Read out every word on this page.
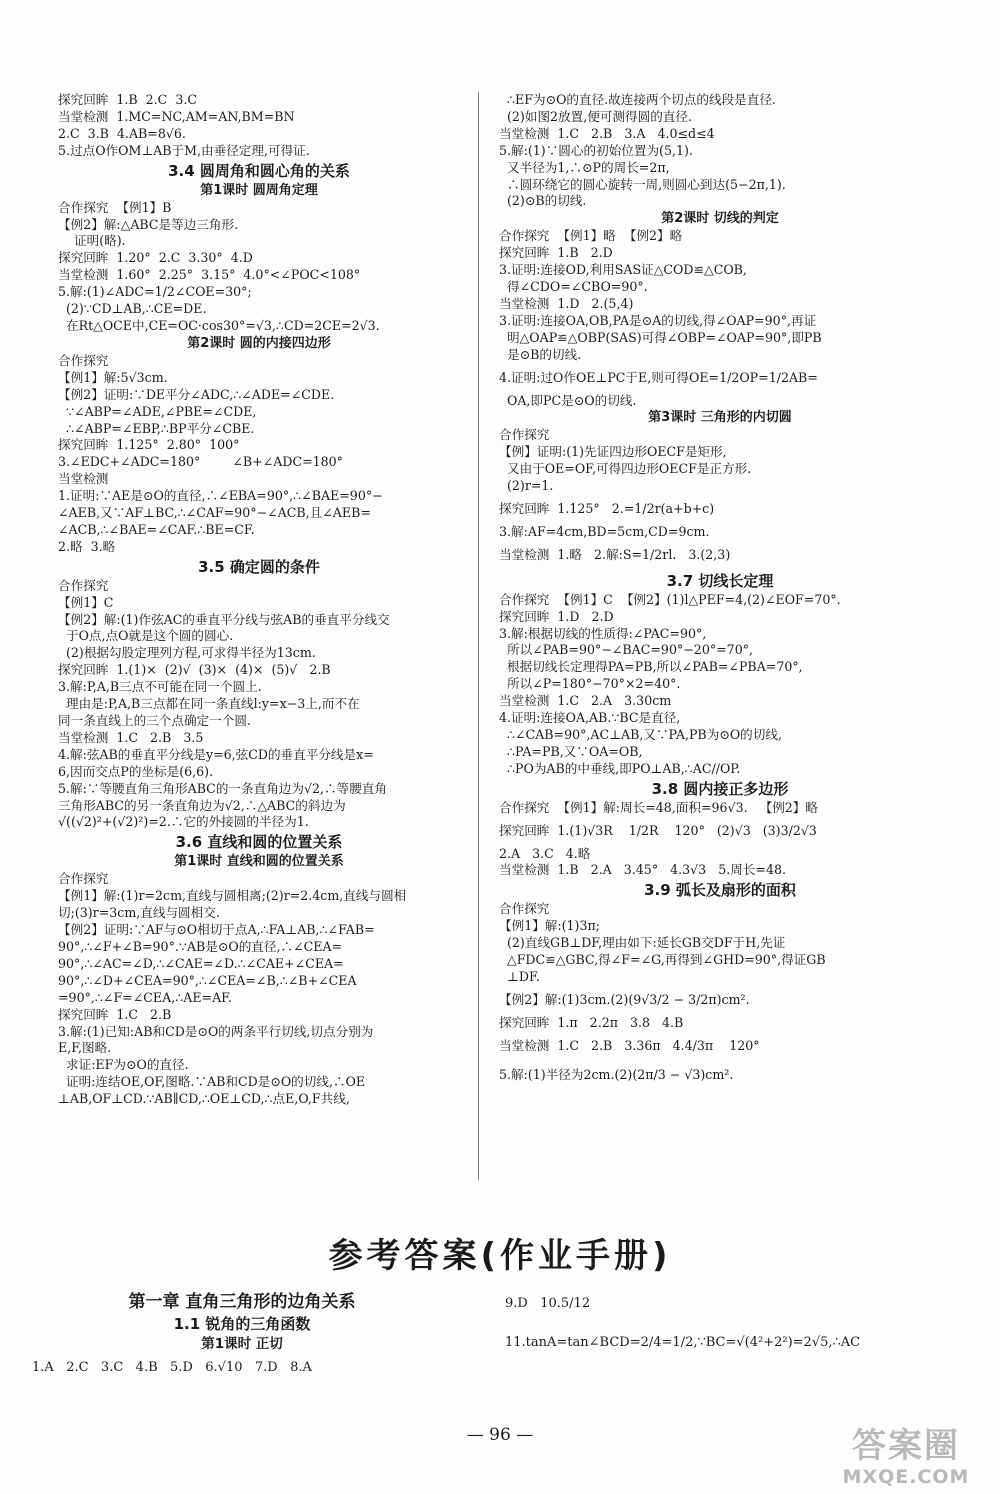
探究回眸  1.B  2.C  3.C
当堂检测  1.MC=NC,AM=AN,BM=BN
2.C  3.B  4.AB=8√6.
5.过点O作OM⊥AB于M,由垂径定理,可得证.
3.4 圆周角和圆心角的关系
第1课时 圆周角定理
合作探究  【例1】B
【例2】解:△ABC是等边三角形.
证明(略).
探究回眸  1.20°  2.C  3.30°  4.D
当堂检测  1.60°  2.25°  3.15°  4.0°<∠POC<108°
5.解:(1)∠ADC=1/2∠COE=30°;
(2)∵CD⊥AB,∴CE=DE.
在Rt△OCE中,CE=OC·cos30°=√3,∴CD=2CE=2√3.
第2课时 圆的内接四边形
合作探究
【例1】解:5√3cm.
【例2】证明:∵DE平分∠ADC,∴∠ADE=∠CDE.
∵∠ABP=∠ADE,∠PBE=∠CDE,
∴∠ABP=∠EBP,∴BP平分∠CBE.
探究回眸  1.125°  2.80°  100°
3.∠EDC+∠ADC=180°        ∠B+∠ADC=180°
当堂检测
1.证明:∵AE是⊙O的直径,∴∠EBA=90°,∴∠BAE=90°−
∠AEB,又∵AF⊥BC,∴∠CAF=90°−∠ACB,且∠AEB=
∠ACB,∴∠BAE=∠CAF.∴BE=CF.
2.略  3.略
3.5 确定圆的条件
合作探究
【例1】C
【例2】解:(1)作弦AC的垂直平分线与弦AB的垂直平分线交
于O点,点O就是这个圆的圆心.
(2)根据勾股定理列方程,可求得半径为13cm.
探究回眸  1.(1)×  (2)√  (3)×  (4)×  (5)√   2.B
3.解:P,A,B三点不可能在同一个圆上.
理由是:P,A,B三点都在同一条直线l:y=x−3上,而不在
同一条直线上的三个点确定一个圆.
当堂检测  1.C   2.B   3.5
4.解:弦AB的垂直平分线是y=6,弦CD的垂直平分线是x=
6,因而交点P的坐标是(6,6).
5.解:∵等腰直角三角形ABC的一条直角边为√2,∴等腰直角
三角形ABC的另一条直角边为√2,∴△ABC的斜边为
√((√2)²+(√2)²)=2.∴它的外接圆的半径为1.
3.6 直线和圆的位置关系
第1课时 直线和圆的位置关系
合作探究
【例1】解:(1)r=2cm,直线与圆相离;(2)r=2.4cm,直线与圆相
切;(3)r=3cm,直线与圆相交.
【例2】证明:∵AF与⊙O相切于点A,∴FA⊥AB,∴∠FAB=
90°,∴∠F+∠B=90°.∵AB是⊙O的直径,∴∠CEA=
90°,∴∠AC=∠D,∴∠CAE=∠D.∴∠CAE+∠CEA=
90°,∴∠D+∠CEA=90°,∴∠CEA=∠B,∴∠B+∠CEA
=90°,∴∠F=∠CEA,∴AE=AF.
探究回眸  1.C   2.B
3.解:(1)已知:AB和CD是⊙O的两条平行切线,切点分别为
E,F,图略.
求证:EF为⊙O的直径.
证明:连结OE,OF,图略.∵AB和CD是⊙O的切线,∴OE
⊥AB,OF⊥CD.∵AB∥CD,∴OE⊥CD,∴点E,O,F共线,
∴EF为⊙O的直径.故连接两个切点的线段是直径.
(2)如图2放置,便可测得圆的直径.
当堂检测  1.C   2.B   3.A   4.0≤d≤4
5.解:(1)∵圆心的初始位置为(5,1).
又半径为1,∴⊙P的周长=2π,
∴圆环绕它的圆心旋转一周,则圆心到达(5−2π,1).
(2)⊙B的切线.
第2课时 切线的判定
合作探究  【例1】略  【例2】略
探究回眸  1.B   2.D
3.证明:连接OD,利用SAS证△COD≌△COB,
得∠CDO=∠CBO=90°.
当堂检测  1.D   2.(5,4)
3.证明:连接OA,OB,PA是⊙A的切线,得∠OAP=90°,再证
明△OAP≌△OBP(SAS)可得∠OBP=∠OAP=90°,即PB
是⊙B的切线.
4.证明:过O作OE⊥PC于E,则可得OE=1/2OP=1/2AB=
OA,即PC是⊙O的切线.
第3课时 三角形的内切圆
合作探究
【例】证明:(1)先证四边形OECF是矩形,
又由于OE=OF,可得四边形OECF是正方形.
(2)r=1.
探究回眸  1.125°   2.=1/2r(a+b+c)
3.解:AF=4cm,BD=5cm,CD=9cm.
当堂检测  1.略   2.解:S=1/2rl.   3.(2,3)
3.7 切线长定理
合作探究  【例1】C  【例2】(1)l△PEF=4,(2)∠EOF=70°.
探究回眸  1.D   2.D
3.解:根据切线的性质得:∠PAC=90°,
所以∠PAB=90°−∠BAC=90°−20°=70°,
根据切线长定理得PA=PB,所以∠PAB=∠PBA=70°,
所以∠P=180°−70°×2=40°.
当堂检测  1.C   2.A   3.30cm
4.证明:连接OA,AB.∵BC是直径,
∴∠CAB=90°,AC⊥AB,又∵PA,PB为⊙O的切线,
∴PA=PB,又∵OA=OB,
∴PO为AB的中垂线,即PO⊥AB,∴AC//OP.
3.8 圆内接正多边形
合作探究  【例1】解:周长=48,面积=96√3.   【例2】略
探究回眸  1.(1)√3R    1/2R    120°   (2)√3   (3)3/2√3
2.A   3.C   4.略
当堂检测  1.B   2.A   3.45°   4.3√3   5.周长=48.
3.9 弧长及扇形的面积
合作探究
【例1】解:(1)3π;
(2)直线GB⊥DF,理由如下:延长GB交DF于H,先证
△FDC≌△GBC,得∠F=∠G,再得到∠GHD=90°,得证GB
⊥DF.
【例2】解:(1)3cm.(2)(9√3/2 − 3/2π)cm².
探究回眸  1.π   2.2π   3.8   4.B
当堂检测  1.C   2.B   3.36π   4.4/3π    120°
5.解:(1)半径为2cm.(2)(2π/3 − √3)cm².
参考答案(作业手册)
第一章 直角三角形的边角关系
1.1 锐角的三角函数
第1课时 正切
1.A   2.C   3.C   4.B   5.D   6.√10   7.D   8.A
9.D   10.5/12
11.tanA=tan∠BCD=2/4=1/2,∵BC=√(4²+2²)=2√5,∴AC
— 96 —	答案圈
MXQE.COM
